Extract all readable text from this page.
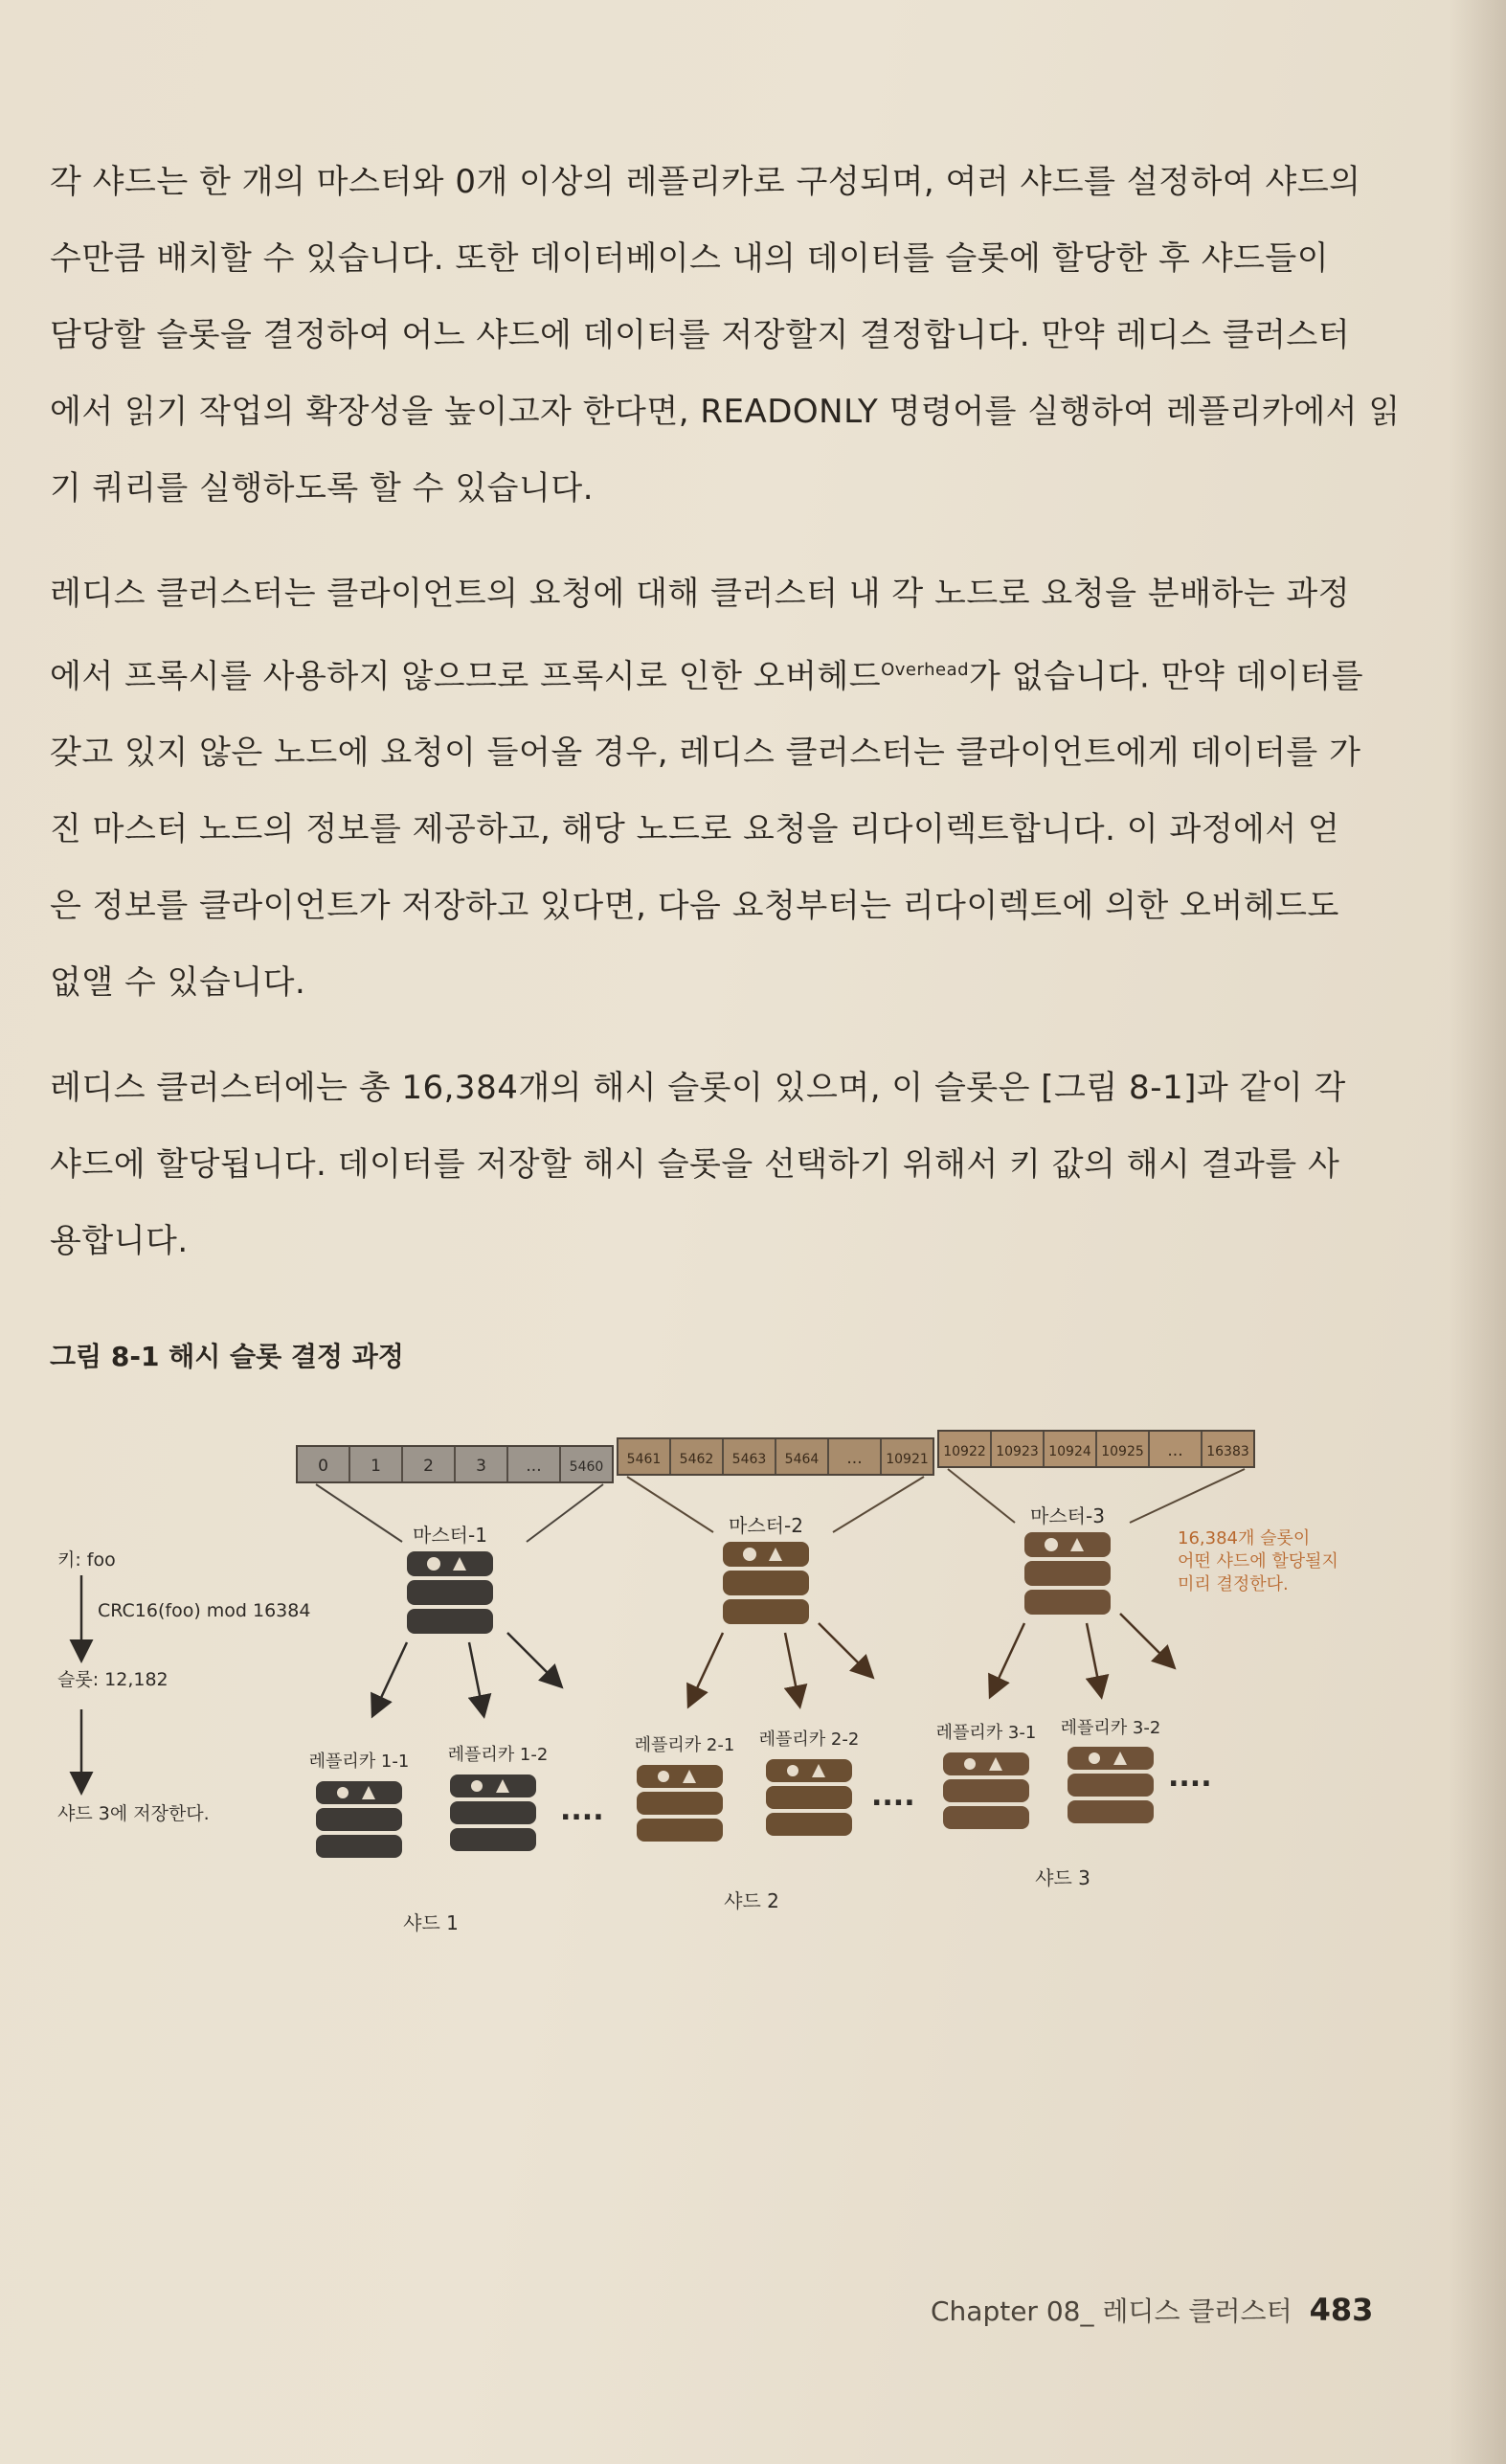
각 샤드는 한 개의 마스터와 0개 이상의 레플리카로 구성되며, 여러 샤드를 설정하여 샤드의
수만큼 배치할 수 있습니다. 또한 데이터베이스 내의 데이터를 슬롯에 할당한 후 샤드들이
담당할 슬롯을 결정하여 어느 샤드에 데이터를 저장할지 결정합니다. 만약 레디스 클러스터
에서 읽기 작업의 확장성을 높이고자 한다면, READONLY 명령어를 실행하여 레플리카에서 읽
기 쿼리를 실행하도록 할 수 있습니다.

레디스 클러스터는 클라이언트의 요청에 대해 클러스터 내 각 노드로 요청을 분배하는 과정
에서 프록시를 사용하지 않으므로 프록시로 인한 오버헤드$^{Overhead}$가 없습니다. 만약 데이터를
갖고 있지 않은 노드에 요청이 들어올 경우, 레디스 클러스터는 클라이언트에게 데이터를 가
진 마스터 노드의 정보를 제공하고, 해당 노드로 요청을 리다이렉트합니다. 이 과정에서 얻
은 정보를 클라이언트가 저장하고 있다면, 다음 요청부터는 리다이렉트에 의한 오버헤드도
없앨 수 있습니다.

레디스 클러스터에는 총 16,384개의 해시 슬롯이 있으며, 이 슬롯은 [그림 8-1]과 같이 각
샤드에 할당됩니다. 데이터를 저장할 해시 슬롯을 선택하기 위해서 키 값의 해시 결과를 사
용합니다.

그림 8-1 해시 슬롯 결정 과정
0	1	2	3 ... 5460 5461 5462 5463 5464 ... 10921 10922 10923 10924 10925 ... 16383
마스터-1	마스터-2	마스터-3
16,384개 슬롯이
어떤 샤드에 할당될지
미리 결정한다.
레플리카 1-1 레플리카 1-2	레플리카 2-1 레플리카 2-2	레플리카 3-1 레플리카 3-2
....	....
....
샤드 1
샤드 2
샤드 3
키: foo
CRC16(foo) mod 16384
슬롯: 12,182
샤드 3에 저장한다.
Chapter 08_ 레디스 클러스터 483
